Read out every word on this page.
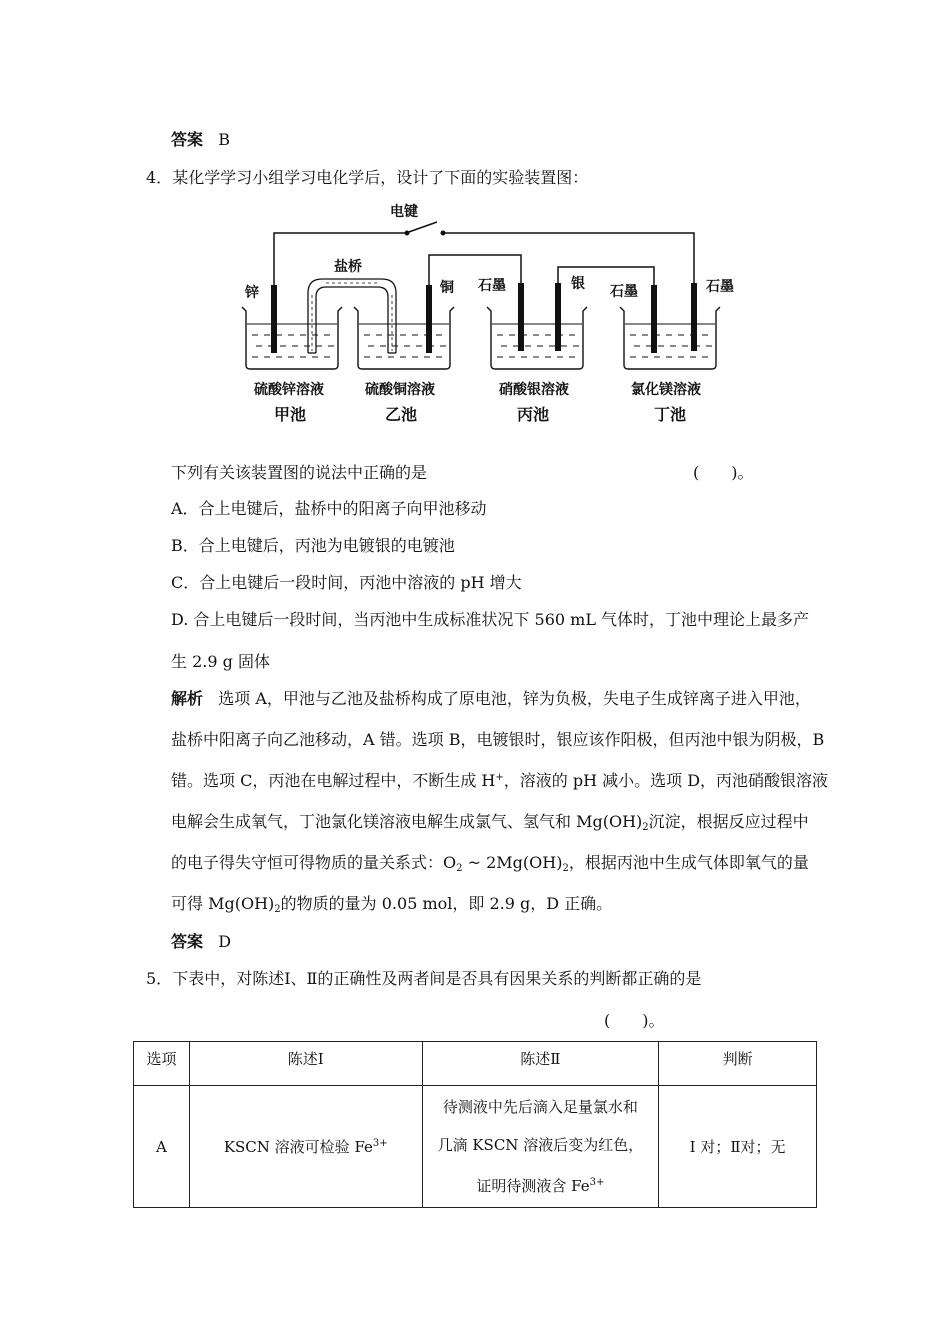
答案 B
4．某化学学习小组学习电化学后，设计了下面的实验装置图：
电键
盐桥
锌	铜 石墨	银 石墨	石墨
硫酸锌溶液	硫酸铜溶液	硝酸银溶液	氯化镁溶液
甲池	乙池	丙池	丁池
下列有关该装置图的说法中正确的是	(　　)。
A．合上电键后，盐桥中的阳离子向甲池移动
B．合上电键后，丙池为电镀银的电镀池
C．合上电键后一段时间，丙池中溶液的 pH 增大
D. 合上电键后一段时间，当丙池中生成标准状况下 560 mL 气体时，丁池中理论上最多产
生 2.9 g 固体
解析 选项 A，甲池与乙池及盐桥构成了原电池，锌为负极，失电子生成锌离子进入甲池，
盐桥中阳离子向乙池移动，A 错。选项 B，电镀银时，银应该作阳极，但丙池中银为阴极，B
错。选项 C，丙池在电解过程中，不断生成 H+，溶液的 pH 减小。选项 D，丙池硝酸银溶液
电解会生成氧气，丁池氯化镁溶液电解生成氯气、氢气和 $Mg(OH)_2$沉淀，根据反应过程中
的电子得失守恒可得物质的量关系式：$O_2$ ~ $2Mg(OH)_2$，根据丙池中生成气体即氧气的量
可得 $Mg(OH)_2$的物质的量为 0.05 mol，即 2.9 g，D 正确。
答案 D
5．下表中，对陈述Ⅰ、Ⅱ的正确性及两者间是否具有因果关系的判断都正确的是
(　　)。
选项	陈述Ⅰ	陈述Ⅱ	判断
A	KSCN 溶液可检验 $Fe^{3+}$	待测液中先后滴入足量氯水和
几滴 KSCN 溶液后变为红色，
证明待测液含 $Fe^{3+}$	Ⅰ 对；Ⅱ对；无
